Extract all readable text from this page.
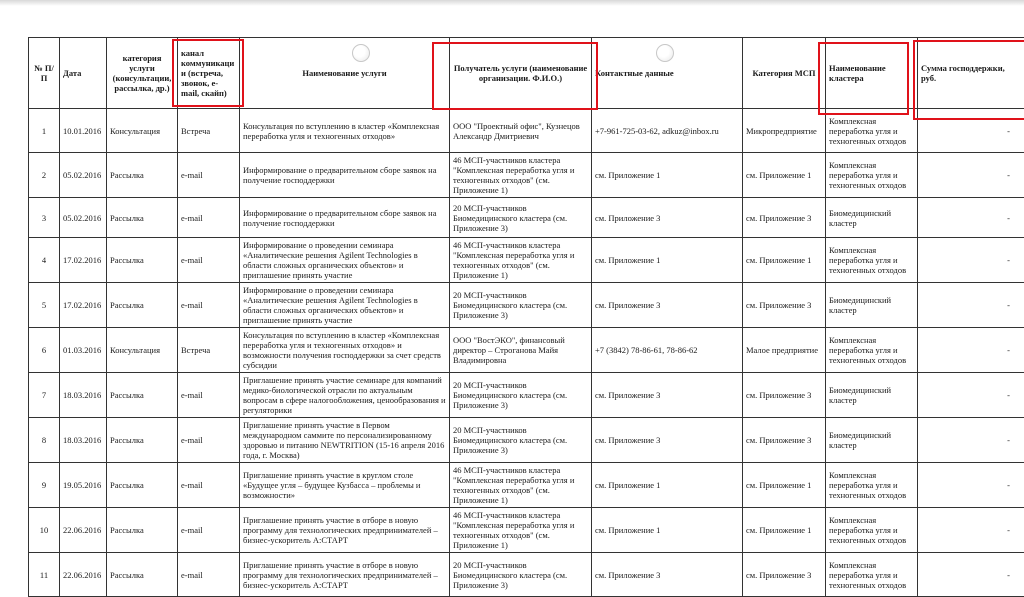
№ П/П	Дата	категория услуги (консультации, рассылка, др.)	канал коммуникации (встреча, звонок, e-mail, скайп)	Наименование услуги	Получатель услуги (наименование организации. Ф.И.О.)	Контактные данные	Категория МСП	Наименование кластера	Сумма господдержки, руб.
1	10.01.2016	Консультация	Встреча	Консультация по вступлению в кластер «Комплексная переработка угля и техногенных отходов»	ООО "Проектный офис", Кузнецов Александр Дмитриевич	+7-961-725-03-62, adkuz@inbox.ru	Микропредприятие	Комплексная переработка угля и техногенных отходов	-
2	05.02.2016	Рассылка	e-mail	Информирование о предварительном сборе заявок на получение господдержки	46 МСП-участников кластера "Комплексная переработка угля и техногенных отходов" (см. Приложение 1)	см. Приложение 1	см. Приложение 1	Комплексная переработка угля и техногенных отходов	-
3	05.02.2016	Рассылка	e-mail	Информирование о предварительном сборе заявок на получение господдержки	20 МСП-участников Биомедицинского кластера (см. Приложение 3)	см. Приложение 3	см. Приложение 3	Биомедицинский кластер	-
4	17.02.2016	Рассылка	e-mail	Информирование о проведении семинара «Аналитические решения Agilent Technologies в области сложных органических объектов» и приглашение принять участие	46 МСП-участников кластера "Комплексная переработка угля и техногенных отходов" (см. Приложение 1)	см. Приложение 1	см. Приложение 1	Комплексная переработка угля и техногенных отходов	-
5	17.02.2016	Рассылка	e-mail	Информирование о проведении семинара «Аналитические решения Agilent Technologies в области сложных органических объектов» и приглашение принять участие	20 МСП-участников Биомедицинского кластера (см. Приложение 3)	см. Приложение 3	см. Приложение 3	Биомедицинский кластер	-
6	01.03.2016	Консультация	Встреча	Консультация по вступлению в кластер «Комплексная переработка угля и техногенных отходов» и возможности получения господдержки за счет средств субсидии	ООО "ВостЭКО", финансовый директор – Строганова Майя Владимировна	+7 (3842) 78-86-61, 78-86-62	Малое предприятие	Комплексная переработка угля и техногенных отходов	-
7	18.03.2016	Рассылка	e-mail	Приглашение принять участие семинаре для компаний медико-биологической отрасли по актуальным вопросам в сфере налогообложения, ценообразования и регуляторики	20 МСП-участников Биомедицинского кластера (см. Приложение 3)	см. Приложение 3	см. Приложение 3	Биомедицинский кластер	-
8	18.03.2016	Рассылка	e-mail	Приглашение принять участие в Первом международном саммите по персонализированному здоровью и питанию NEWTRITION (15-16 апреля 2016 года, г. Москва)	20 МСП-участников Биомедицинского кластера (см. Приложение 3)	см. Приложение 3	см. Приложение 3	Биомедицинский кластер	-
9	19.05.2016	Рассылка	e-mail	Приглашение принять участие в круглом столе «Будущее угля – будущее Кузбасса – проблемы и возможности»	46 МСП-участников кластера "Комплексная переработка угля и техногенных отходов" (см. Приложение 1)	см. Приложение 1	см. Приложение 1	Комплексная переработка угля и техногенных отходов	-
10	22.06.2016	Рассылка	e-mail	Приглашение принять участие в отборе в новую программу для технологических предпринимателей – бизнес-ускоритель А:СТАРТ	46 МСП-участников кластера "Комплексная переработка угля и техногенных отходов" (см. Приложение 1)	см. Приложение 1	см. Приложение 1	Комплексная переработка угля и техногенных отходов	-
11	22.06.2016	Рассылка	e-mail	Приглашение принять участие в отборе в новую программу для технологических предпринимателей – бизнес-ускоритель А:СТАРТ	20 МСП-участников Биомедицинского кластера (см. Приложение 3)	см. Приложение 3	см. Приложение 3	Комплексная переработка угля и техногенных отходов	-
